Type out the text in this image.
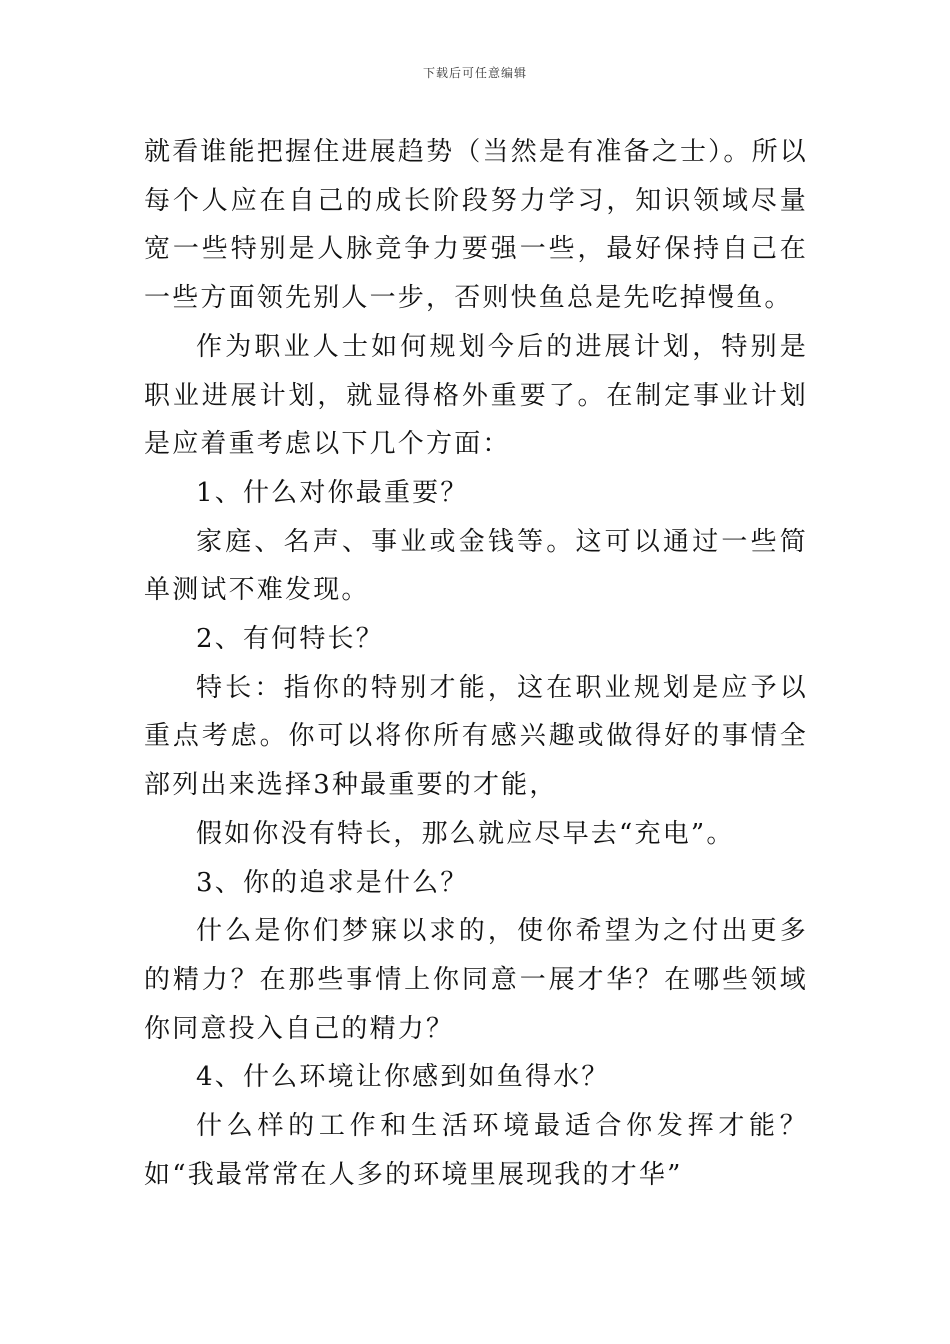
下载后可任意编辑

就看谁能把握住进展趋势（当然是有准备之士）。所以每个人应在自己的成长阶段努力学习，知识领域尽量宽一些特别是人脉竞争力要强一些，最好保持自己在一些方面领先别人一步，否则快鱼总是先吃掉慢鱼。

作为职业人士如何规划今后的进展计划，特别是职业进展计划，就显得格外重要了。在制定事业计划是应着重考虑以下几个方面：

1、什么对你最重要？

家庭、名声、事业或金钱等。这可以通过一些简单测试不难发现。

2、有何特长？

特长：指你的特别才能，这在职业规划是应予以重点考虑。你可以将你所有感兴趣或做得好的事情全部列出来选择3种最重要的才能，

假如你没有特长，那么就应尽早去“充电”。

3、你的追求是什么？

什么是你们梦寐以求的，使你希望为之付出更多的精力？在那些事情上你同意一展才华？在哪些领域你同意投入自己的精力？

4、什么环境让你感到如鱼得水？

什么样的工作和生活环境最适合你发挥才能？如“我最常常在人多的环境里展现我的才华”
